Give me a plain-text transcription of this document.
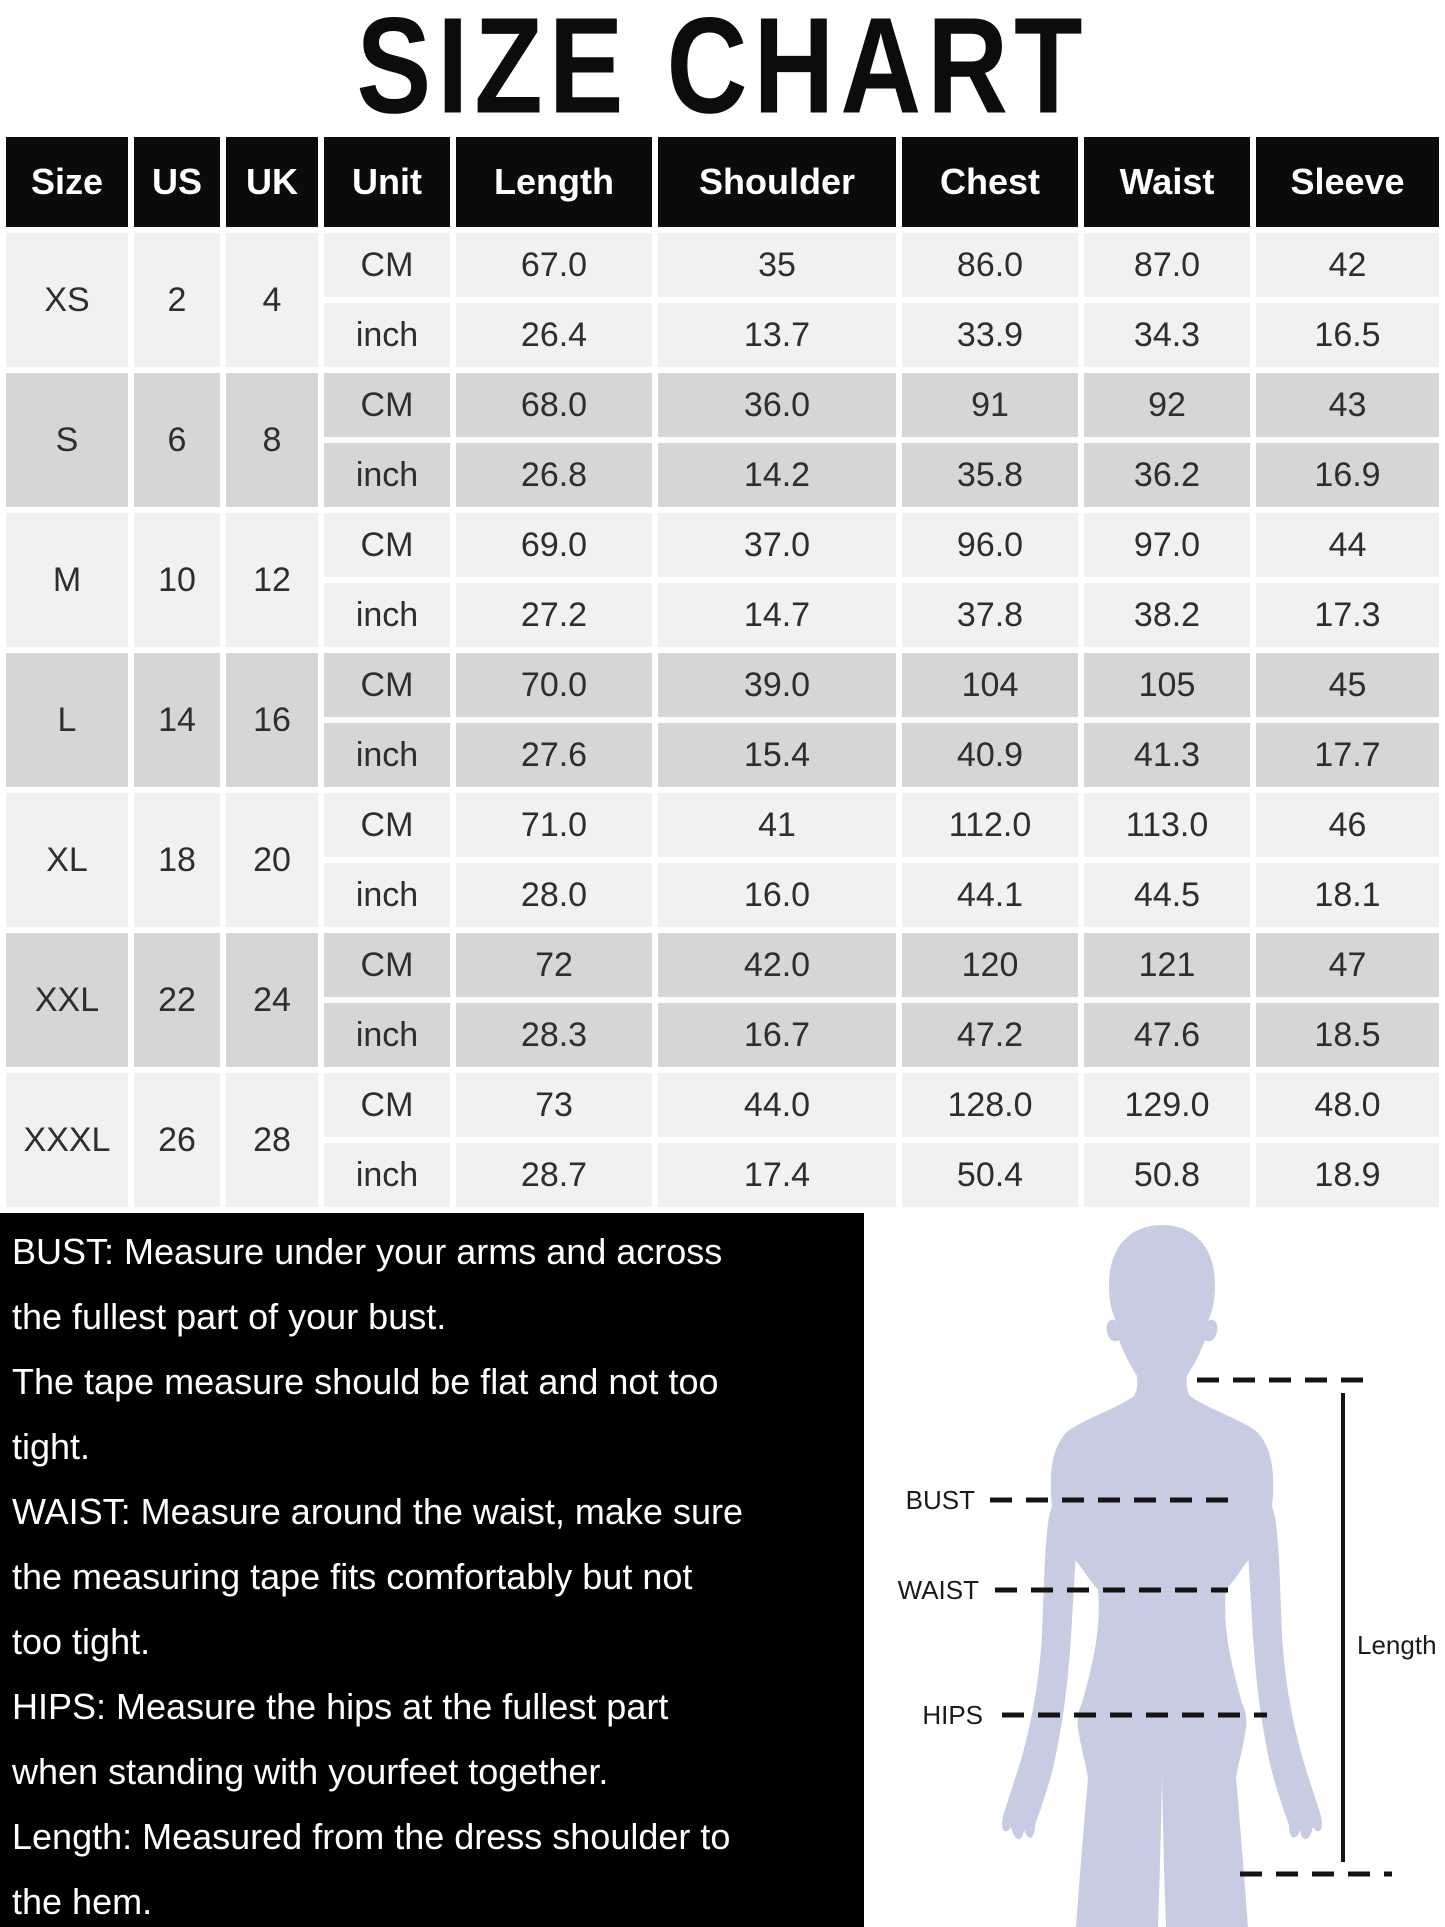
SIZE CHART
Size	US	UK	Unit	Length	Shoulder	Chest	Waist	Sleeve
XS	2	4	CM	67.0	35	86.0	87.0	42
			inch	26.4	13.7	33.9	34.3	16.5
S	6	8	CM	68.0	36.0	91	92	43
			inch	26.8	14.2	35.8	36.2	16.9
M	10	12	CM	69.0	37.0	96.0	97.0	44
			inch	27.2	14.7	37.8	38.2	17.3
L	14	16	CM	70.0	39.0	104	105	45
			inch	27.6	15.4	40.9	41.3	17.7
XL	18	20	CM	71.0	41	112.0	113.0	46
			inch	28.0	16.0	44.1	44.5	18.1
XXL	22	24	CM	72	42.0	120	121	47
			inch	28.3	16.7	47.2	47.6	18.5
XXXL	26	28	CM	73	44.0	128.0	129.0	48.0
			inch	28.7	17.4	50.4	50.8	18.9
BUST: Measure under your arms and across
the fullest part of your bust.
The tape measure should be flat and not too
tight.
WAIST: Measure around the waist, make sure
the measuring tape fits comfortably but not
too tight.
HIPS: Measure the hips at the fullest part
when standing with yourfeet together.
Length: Measured from the dress shoulder to
the hem.
BUST
WAIST
HIPS
Length
